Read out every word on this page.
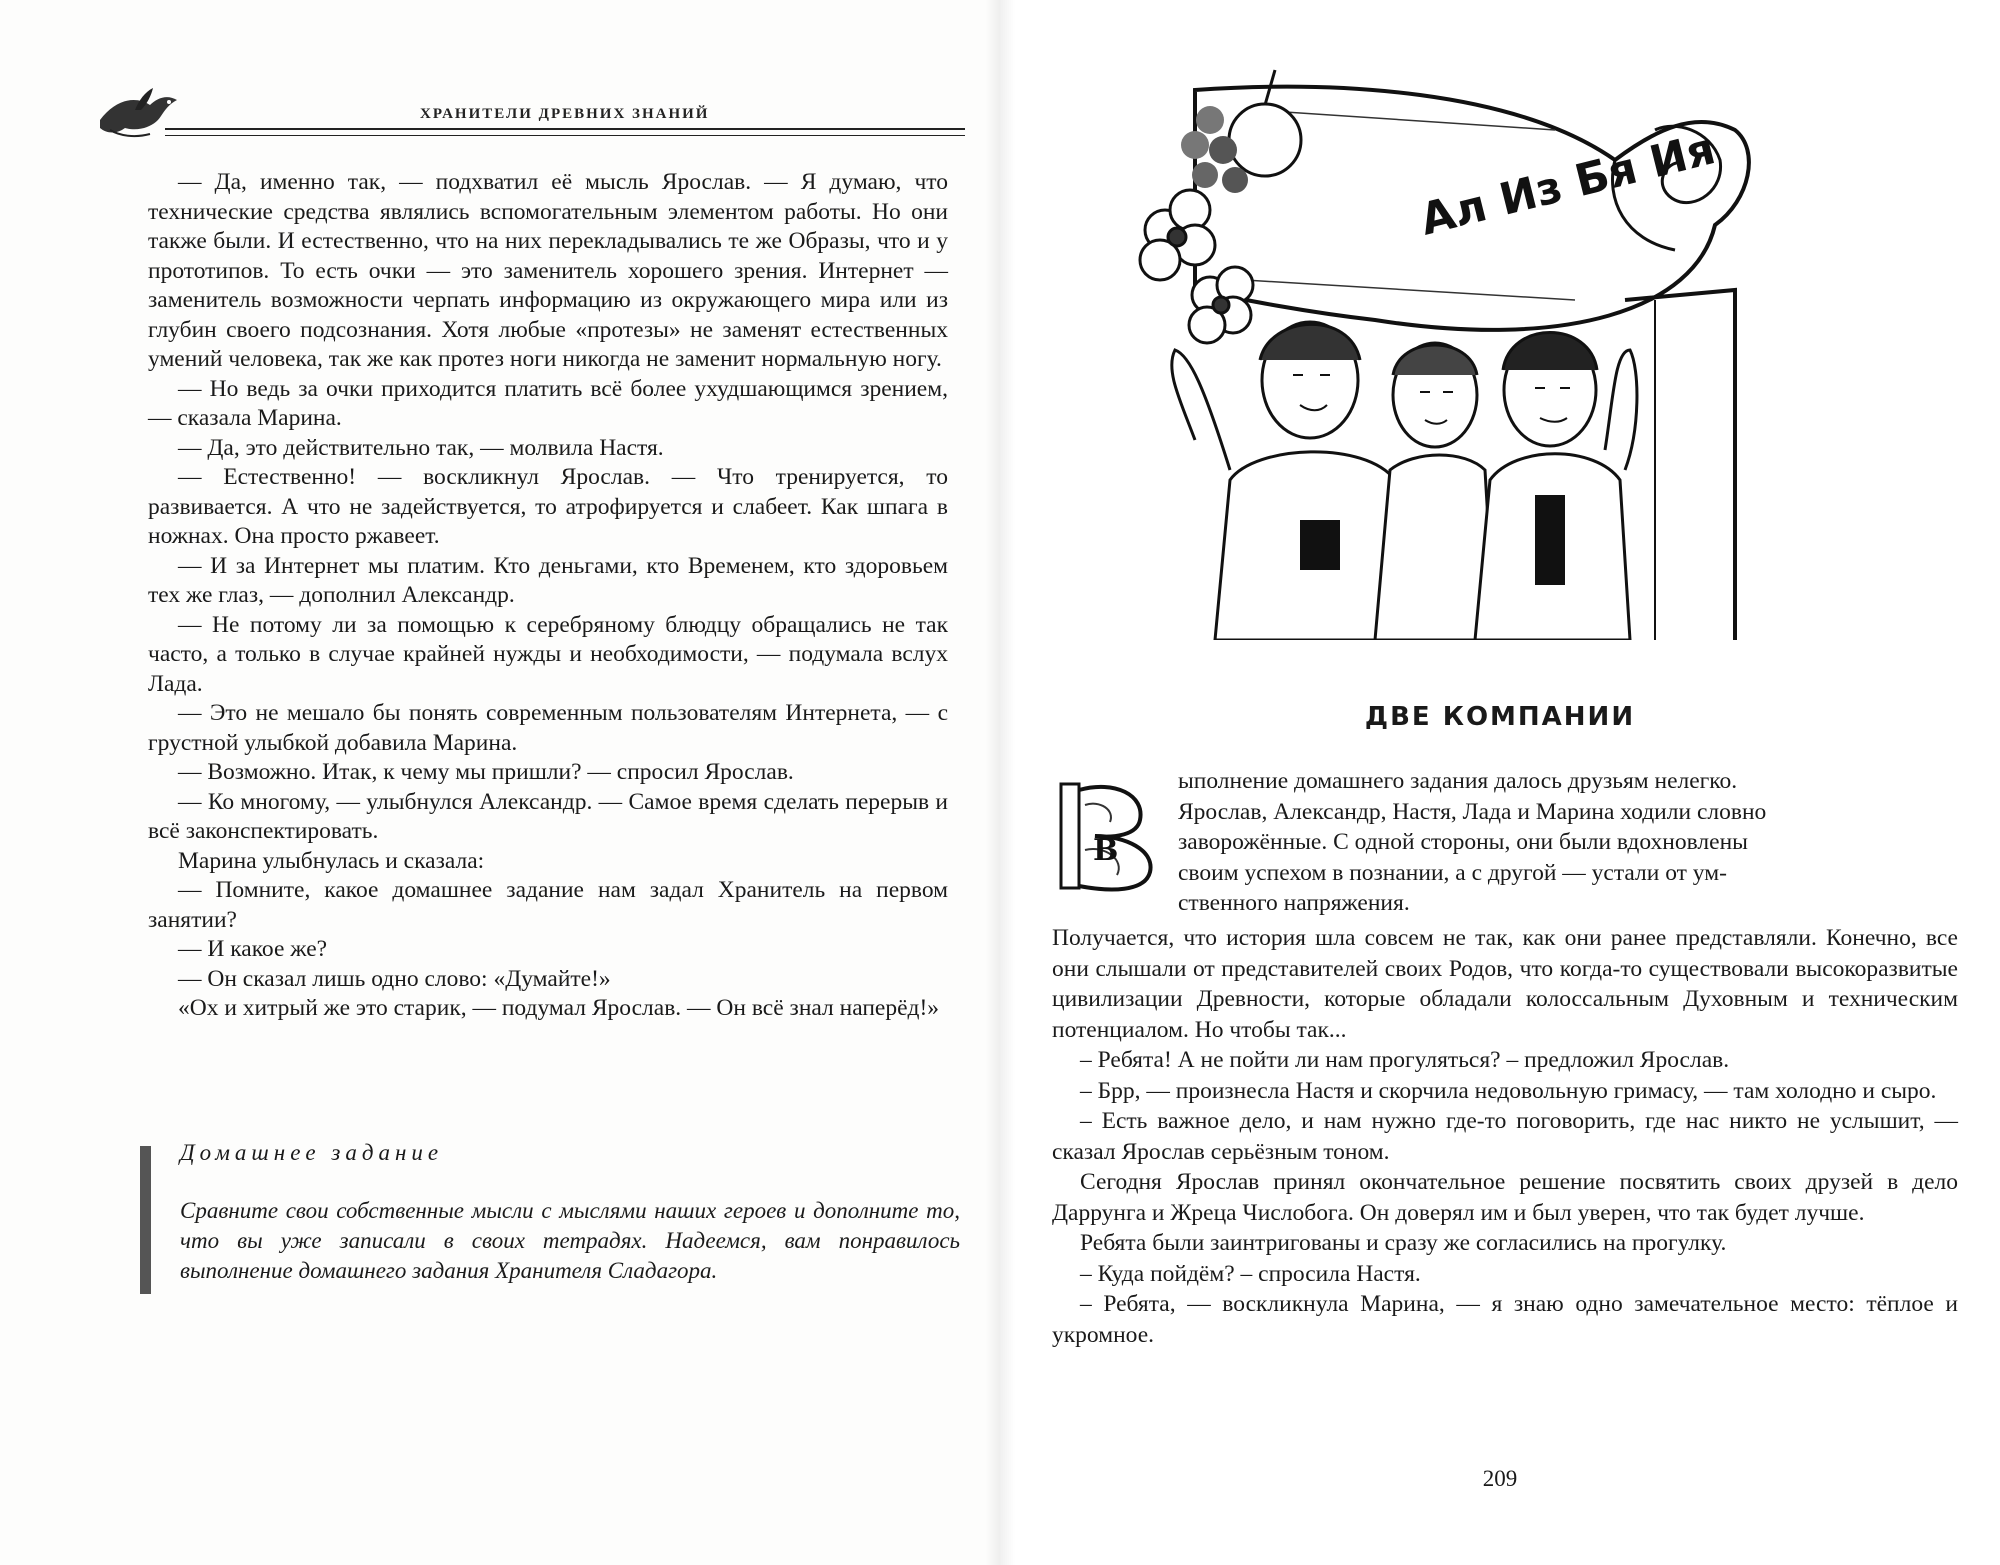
ХРАНИТЕЛИ ДРЕВНИХ ЗНАНИЙ

— Да, именно так, — подхватил её мысль Ярослав. — Я думаю, что технические средства являлись вспомогательным элементом работы. Но они также были. И естественно, что на них перекладывались те же Образы, что и у прототипов. То есть очки — это заменитель хорошего зрения. Интернет — заменитель возможности черпать информацию из окружающего мира или из глубин своего подсознания. Хотя любые «протезы» не заменят естественных умений человека, так же как протез ноги никогда не заменит нормальную ногу.

— Но ведь за очки приходится платить всё более ухудшающимся зрением, — сказала Марина.

— Да, это действительно так, — молвила Настя.

— Естественно! — воскликнул Ярослав. — Что тренируется, то развивается. А что не задействуется, то атрофируется и слабеет. Как шпага в ножнах. Она просто ржавеет.

— И за Интернет мы платим. Кто деньгами, кто Временем, кто здоровьем тех же глаз, — дополнил Александр.

— Не потому ли за помощью к серебряному блюдцу обращались не так часто, а только в случае крайней нужды и необходимости, — подумала вслух Лада.

— Это не мешало бы понять современным пользователям Интернета, — с грустной улыбкой добавила Марина.

— Возможно. Итак, к чему мы пришли? — спросил Ярослав.

— Ко многому, — улыбнулся Александр. — Самое время сделать перерыв и всё законспектировать.

Марина улыбнулась и сказала:

— Помните, какое домашнее задание нам задал Хранитель на первом занятии?

— И какое же?

— Он сказал лишь одно слово: «Думайте!»

«Ох и хитрый же это старик, — подумал Ярослав. — Он всё знал наперёд!»

Домашнее задание
Сравните свои собственные мысли с мыслями наших героев и дополните то, что вы уже записали в своих тетрадях. Надеемся, вам понравилось выполнение домашнего задания Хранителя Сладагора.
Ал Из Бя Ия
ДВЕ КОМПАНИИ
В

ыполнение домашнего задания далось друзьям нелегко.

Ярослав, Александр, Настя, Лада и Марина ходили словно

заворожённые. С одной стороны, они были вдохновлены

своим успехом в познании, а с другой — устали от ум-

ственного напряжения.

Получается, что история шла совсем не так, как они ранее представляли. Конечно, все они слышали от представителей своих Родов, что когда-то существовали высокоразвитые цивилизации Древности, которые обладали колоссальным Духовным и техническим потенциалом. Но чтобы так...

– Ребята! А не пойти ли нам прогуляться? – предложил Ярослав.

– Брр, — произнесла Настя и скорчила недовольную гримасу, — там холодно и сыро.

– Есть важное дело, и нам нужно где-то поговорить, где нас никто не услышит, — сказал Ярослав серьёзным тоном.

Сегодня Ярослав принял окончательное решение посвятить своих друзей в дело Даррунга и Жреца Числобога. Он доверял им и был уверен, что так будет лучше.

Ребята были заинтригованы и сразу же согласились на прогулку.

– Куда пойдём? – спросила Настя.

– Ребята, — воскликнула Марина, — я знаю одно замечательное место: тёплое и укромное.

209
